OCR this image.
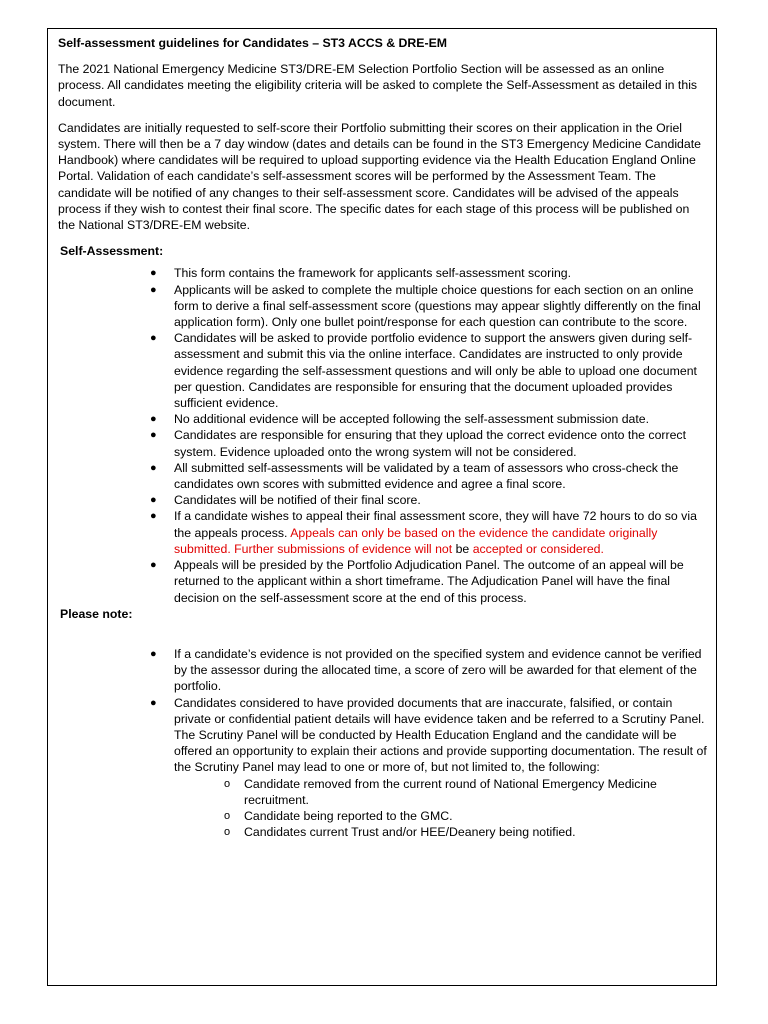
Self-assessment guidelines for Candidates – ST3 ACCS & DRE-EM

The 2021 National Emergency Medicine ST3/DRE-EM Selection Portfolio Section will be assessed as an online process. All candidates meeting the eligibility criteria will be asked to complete the Self-Assessment as detailed in this document.

Candidates are initially requested to self-score their Portfolio submitting their scores on their application in the Oriel system. There will then be a 7 day window (dates and details can be found in the ST3 Emergency Medicine Candidate Handbook) where candidates will be required to upload supporting evidence via the Health Education England Online Portal. Validation of each candidate’s self-assessment scores will be performed by the Assessment Team. The candidate will be notified of any changes to their self-assessment score. Candidates will be advised of the appeals process if they wish to contest their final score. The specific dates for each stage of this process will be published on the National ST3/DRE-EM website.

Self-Assessment:
● This form contains the framework for applicants self-assessment scoring.
● Applicants will be asked to complete the multiple choice questions for each section on an online form to derive a final self-assessment score (questions may appear slightly differently on the final application form). Only one bullet point/response for each question can contribute to the score.
● Candidates will be asked to provide portfolio evidence to support the answers given during self-assessment and submit this via the online interface. Candidates are instructed to only provide evidence regarding the self-assessment questions and will only be able to upload one document per question. Candidates are responsible for ensuring that the document uploaded provides sufficient evidence.
● No additional evidence will be accepted following the self-assessment submission date.
● Candidates are responsible for ensuring that they upload the correct evidence onto the correct system. Evidence uploaded onto the wrong system will not be considered.
● All submitted self-assessments will be validated by a team of assessors who cross-check the candidates own scores with submitted evidence and agree a final score.
● Candidates will be notified of their final score.
● If a candidate wishes to appeal their final assessment score, they will have 72 hours to do so via the appeals process. Appeals can only be based on the evidence the candidate originally submitted. Further submissions of evidence will not be accepted or considered.
● Appeals will be presided by the Portfolio Adjudication Panel. The outcome of an appeal will be returned to the applicant within a short timeframe. The Adjudication Panel will have the final decision on the self-assessment score at the end of this process.
Please note:
● If a candidate’s evidence is not provided on the specified system and evidence cannot be verified by the assessor during the allocated time, a score of zero will be awarded for that element of the portfolio.
● Candidates considered to have provided documents that are inaccurate, falsified, or contain private or confidential patient details will have evidence taken and be referred to a Scrutiny Panel. The Scrutiny Panel will be conducted by Health Education England and the candidate will be offered an opportunity to explain their actions and provide supporting documentation. The result of the Scrutiny Panel may lead to one or more of, but not limited to, the following:
o Candidate removed from the current round of National Emergency Medicine recruitment.
o Candidate being reported to the GMC.
o Candidates current Trust and/or HEE/Deanery being notified.
